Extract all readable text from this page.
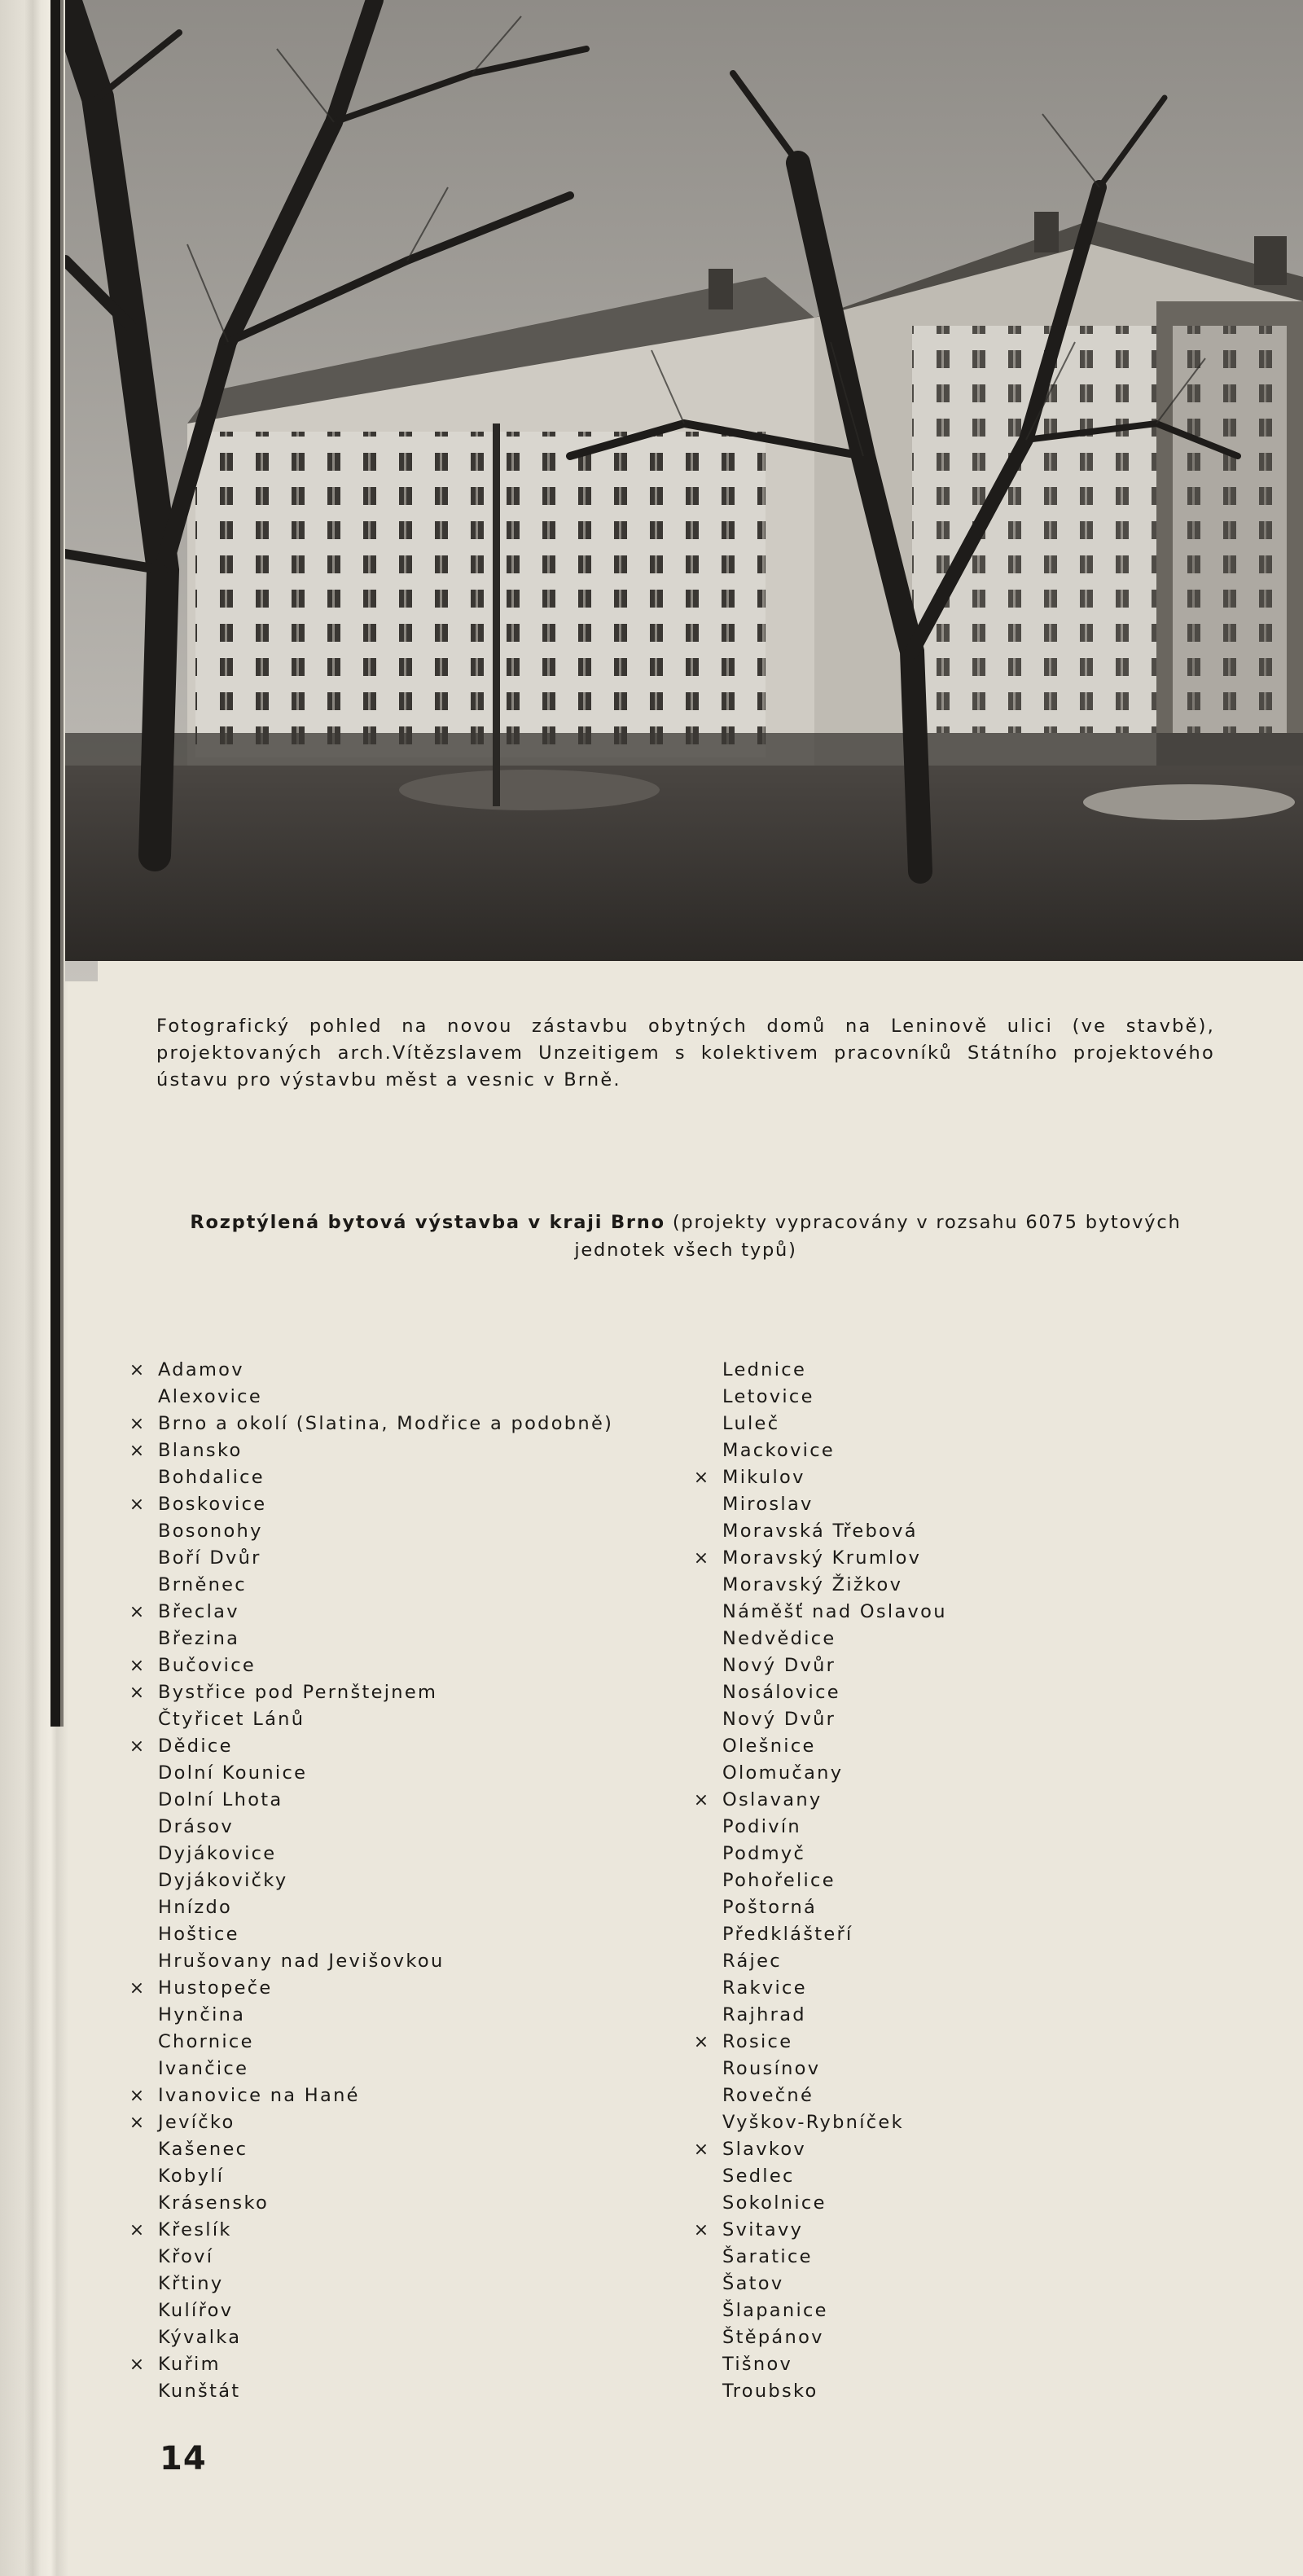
Fotografický pohled na novou zástavbu obytných domů na Leninově ulici (ve stavbě), projektovaných arch.Vítězslavem Unzeitigem s kolektivem pracovníků Státního projektového ústavu pro výstavbu měst a vesnic v Brně.

Rozptýlená bytová výstavba v kraji Brno (projekty vypracovány v rozsahu 6075 bytových jednotek všech typů)

× Adamov
Alexovice
× Brno a okolí (Slatina, Modřice a podobně)
× Blansko
Bohdalice
× Boskovice
Bosonohy
Boří Dvůr
Brněnec
× Břeclav
Březina
× Bučovice
× Bystřice pod Pernštejnem
Čtyřicet Lánů
× Dědice
Dolní Kounice
Dolní Lhota
Drásov
Dyjákovice
Dyjákovičky
Hnízdo
Hoštice
Hrušovany nad Jevišovkou
× Hustopeče
Hynčina
Chornice
Ivančice
× Ivanovice na Hané
× Jevíčko
Kašenec
Kobylí
Krásensko
× Křeslík
Křoví
Křtiny
Kulířov
Kývalka
× Kuřim
Kunštát
Lednice
Letovice
Luleč
Mackovice
× Mikulov
Miroslav
Moravská Třebová
× Moravský Krumlov
Moravský Žižkov
Náměšť nad Oslavou
Nedvědice
Nový Dvůr
Nosálovice
Nový Dvůr
Olešnice
Olomučany
× Oslavany
Podivín
Podmyč
Pohořelice
Poštorná
Předklášteří
Rájec
Rakvice
Rajhrad
× Rosice
Rousínov
Rovečné
Vyškov-Rybníček
× Slavkov
Sedlec
Sokolnice
× Svitavy
Šaratice
Šatov
Šlapanice
Štěpánov
Tišnov
Troubsko

14
